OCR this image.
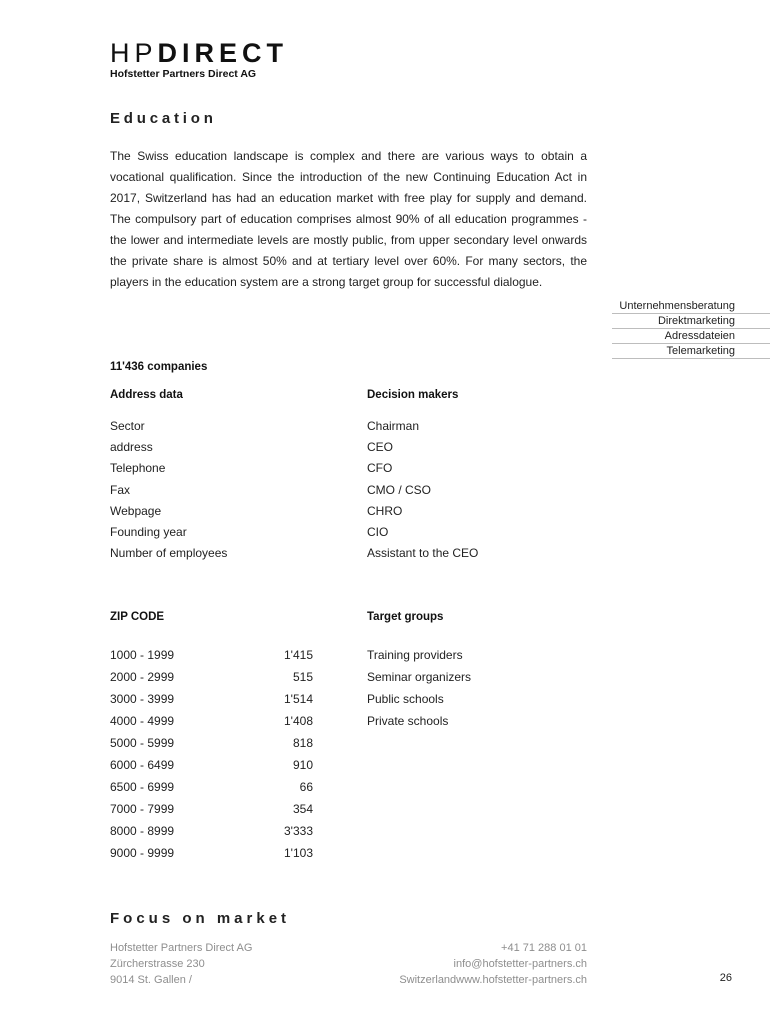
HPDIRECT
Hofstetter Partners Direct AG
Education
The Swiss education landscape is complex and there are various ways to obtain a vocational qualification. Since the introduction of the new Continuing Education Act in 2017, Switzerland has had an education market with free play for supply and demand. The compulsory part of education comprises almost 90% of all education programmes - the lower and intermediate levels are mostly public, from upper secondary level onwards the private share is almost 50% and at tertiary level over 60%. For many sectors, the players in the education system are a strong target group for successful dialogue.
Unternehmensberatung
Direktmarketing
Adressdateien
Telemarketing
11'436 companies
Address data
Sector
address
Telephone
Fax
Webpage
Founding year
Number of employees
Decision makers
Chairman
CEO
CFO
CMO / CSO
CHRO
CIO
Assistant to the CEO
ZIP CODE
1000 - 1999	1'415
2000 - 2999	515
3000 - 3999	1'514
4000 - 4999	1'408
5000 - 5999	818
6000 - 6499	910
6500 - 6999	66
7000 - 7999	354
8000 - 8999	3'333
9000 - 9999	1'103
Target groups
Training providers
Seminar organizers
Public schools
Private schools
Focus on market
Hofstetter Partners Direct AG
Zürcherstrasse 230
9014 St. Gallen /
+41 71 288 01 01
info@hofstetter-partners.ch
Switzerlandwww.hofstetter-partners.ch	26
